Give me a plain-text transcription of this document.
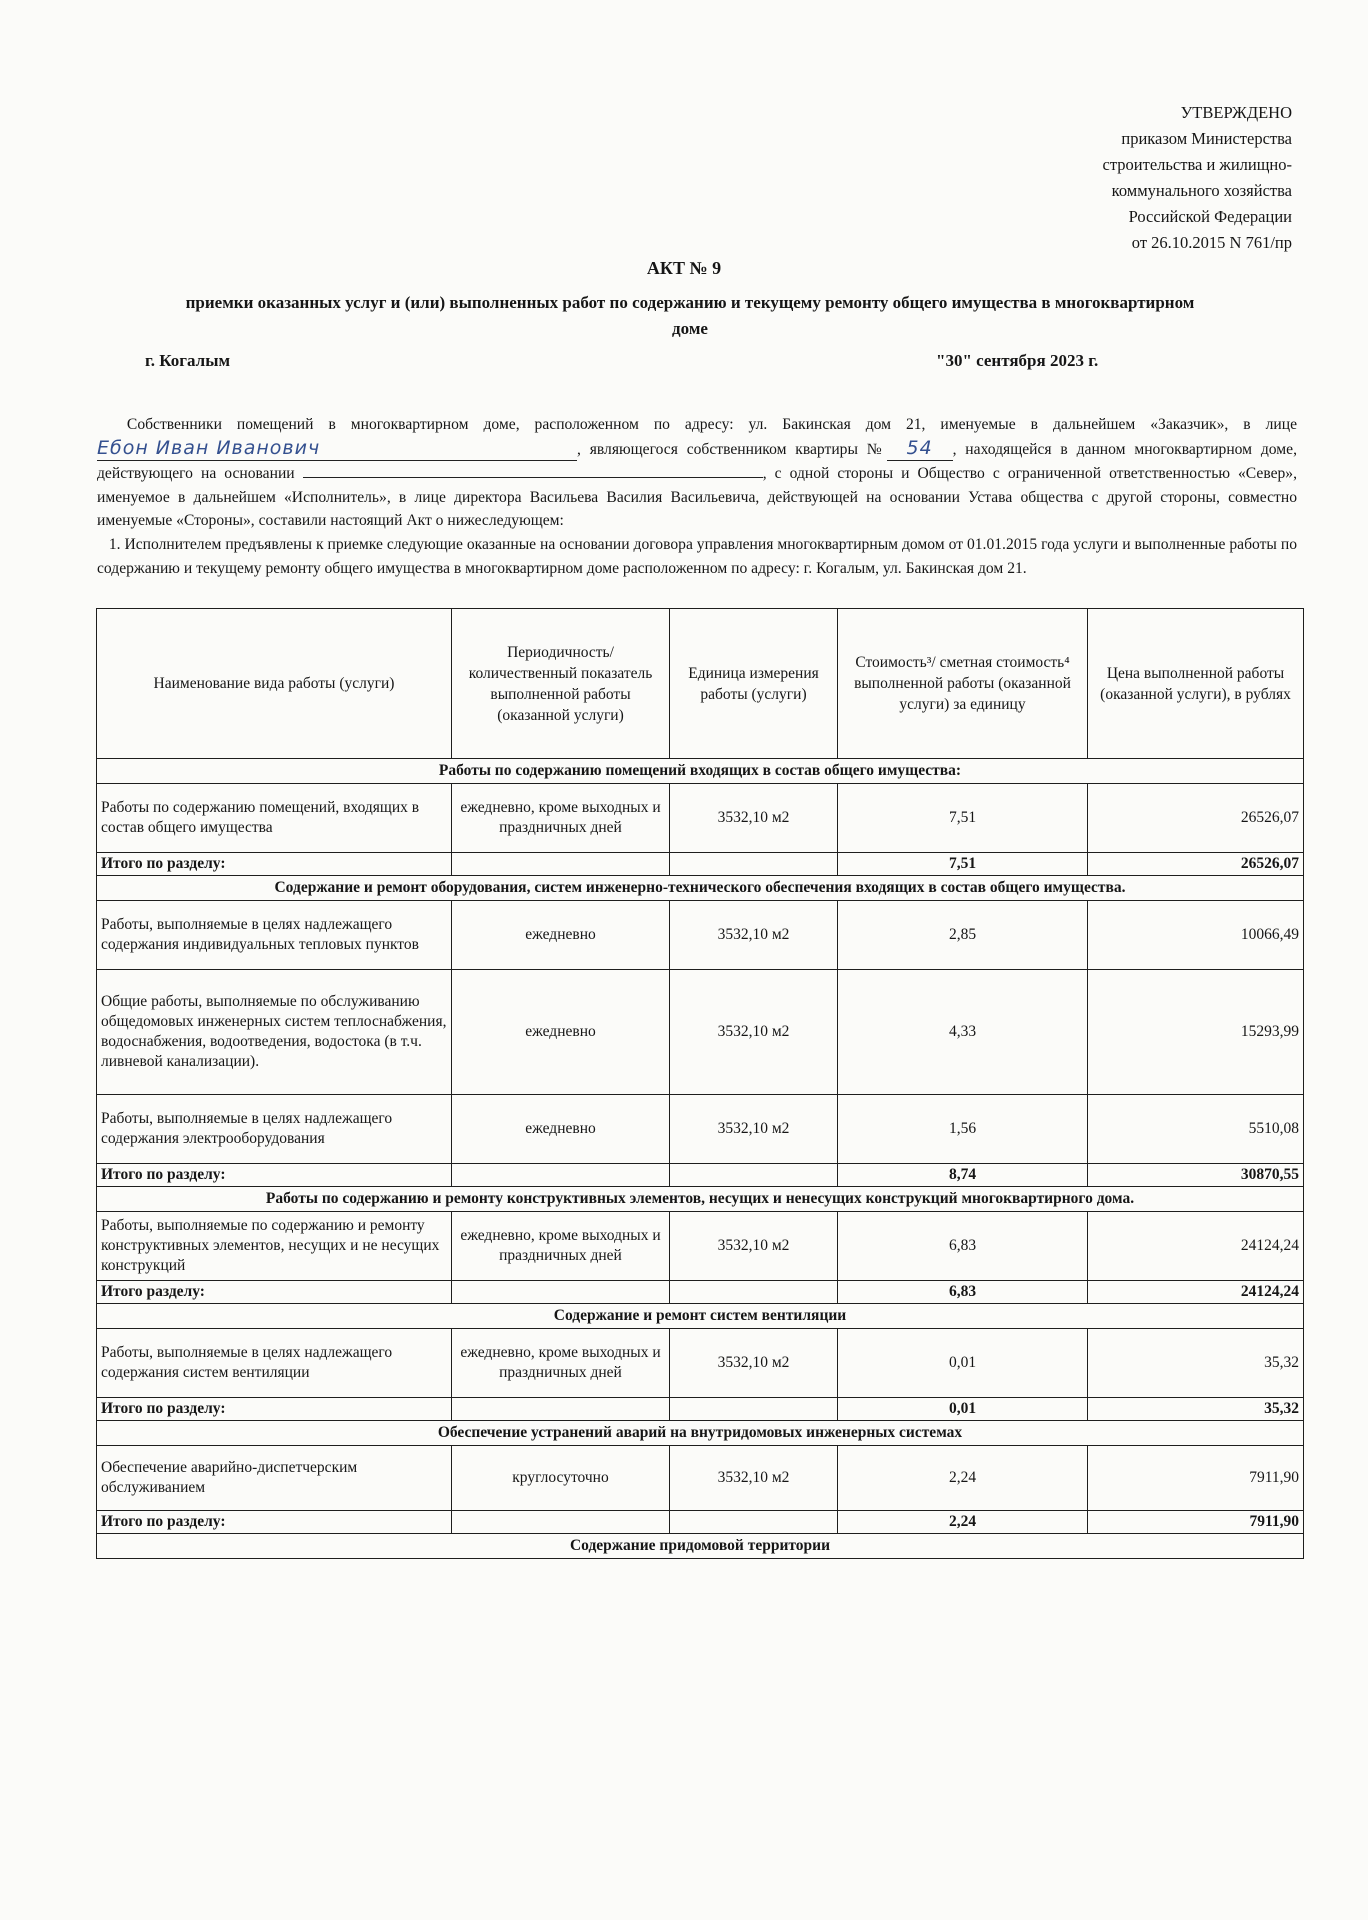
УТВЕРЖДЕНО
приказом Министерства
строительства и жилищно-
коммунального хозяйства
Российской Федерации
от 26.10.2015 N 761/пр
АКТ № 9
приемки оказанных услуг и (или) выполненных работ по содержанию и текущему ремонту общего имущества в многоквартирном доме
г. Когалым	"30" сентября 2023 г.

Собственники помещений в многоквартирном доме, расположенном по адресу: ул. Бакинская дом 21, именуемые в дальнейшем «Заказчик», в лице Ебон Иван Иванович	, являющегося собственником квартиры № 54 , находящейся в данном многоквартирном доме, действующего на основании	, с одной стороны и Общество с ограниченной ответственностью «Север», именуемое в дальнейшем «Исполнитель», в лице директора Васильева Василия Васильевича, действующей на основании Устава общества с другой стороны, совместно именуемые «Стороны», составили настоящий Акт о нижеследующем:

1. Исполнителем предъявлены к приемке следующие оказанные на основании договора управления многоквартирным домом от 01.01.2015 года услуги и выполненные работы по содержанию и текущему ремонту общего имущества в многоквартирном доме расположенном по адресу: г. Когалым, ул. Бакинская дом 21.

Наименование вида работы (услуги)	Периодичность/ количественный показатель выполненной работы (оказанной услуги)	Единица измерения работы (услуги)	Стоимость³/ сметная стоимость⁴ выполненной работы (оказанной услуги) за единицу	Цена выполненной работы (оказанной услуги), в рублях
Работы по содержанию помещений входящих в состав общего имущества:				
Работы по содержанию помещений, входящих в состав общего имущества	ежедневно, кроме выходных и праздничных дней	3532,10 м2	7,51	26526,07
Итого по разделу:			7,51	26526,07
Содержание и ремонт оборудования, систем инженерно-технического обеспечения входящих в состав общего имущества.				
Работы, выполняемые в целях надлежащего содержания индивидуальных тепловых пунктов	ежедневно	3532,10 м2	2,85	10066,49
Общие работы, выполняемые по обслуживанию общедомовых инженерных систем теплоснабжения, водоснабжения, водоотведения, водостока (в т.ч. ливневой канализации).	ежедневно	3532,10 м2	4,33	15293,99
Работы, выполняемые в целях надлежащего содержания электрооборудования	ежедневно	3532,10 м2	1,56	5510,08
Итого по разделу:			8,74	30870,55
Работы по содержанию и ремонту конструктивных элементов, несущих и ненесущих конструкций многоквартирного дома.				
Работы, выполняемые по содержанию и ремонту конструктивных элементов, несущих и не несущих конструкций	ежедневно, кроме выходных и праздничных дней	3532,10 м2	6,83	24124,24
Итого разделу:			6,83	24124,24
Содержание и ремонт систем вентиляции				
Работы, выполняемые в целях надлежащего содержания систем вентиляции	ежедневно, кроме выходных и праздничных дней	3532,10 м2	0,01	35,32
Итого по разделу:			0,01	35,32
Обеспечение устранений аварий на внутридомовых инженерных системах				
Обеспечение аварийно-диспетчерским обслуживанием	круглосуточно	3532,10 м2	2,24	7911,90
Итого по разделу:			2,24	7911,90
Содержание придомовой территории				
